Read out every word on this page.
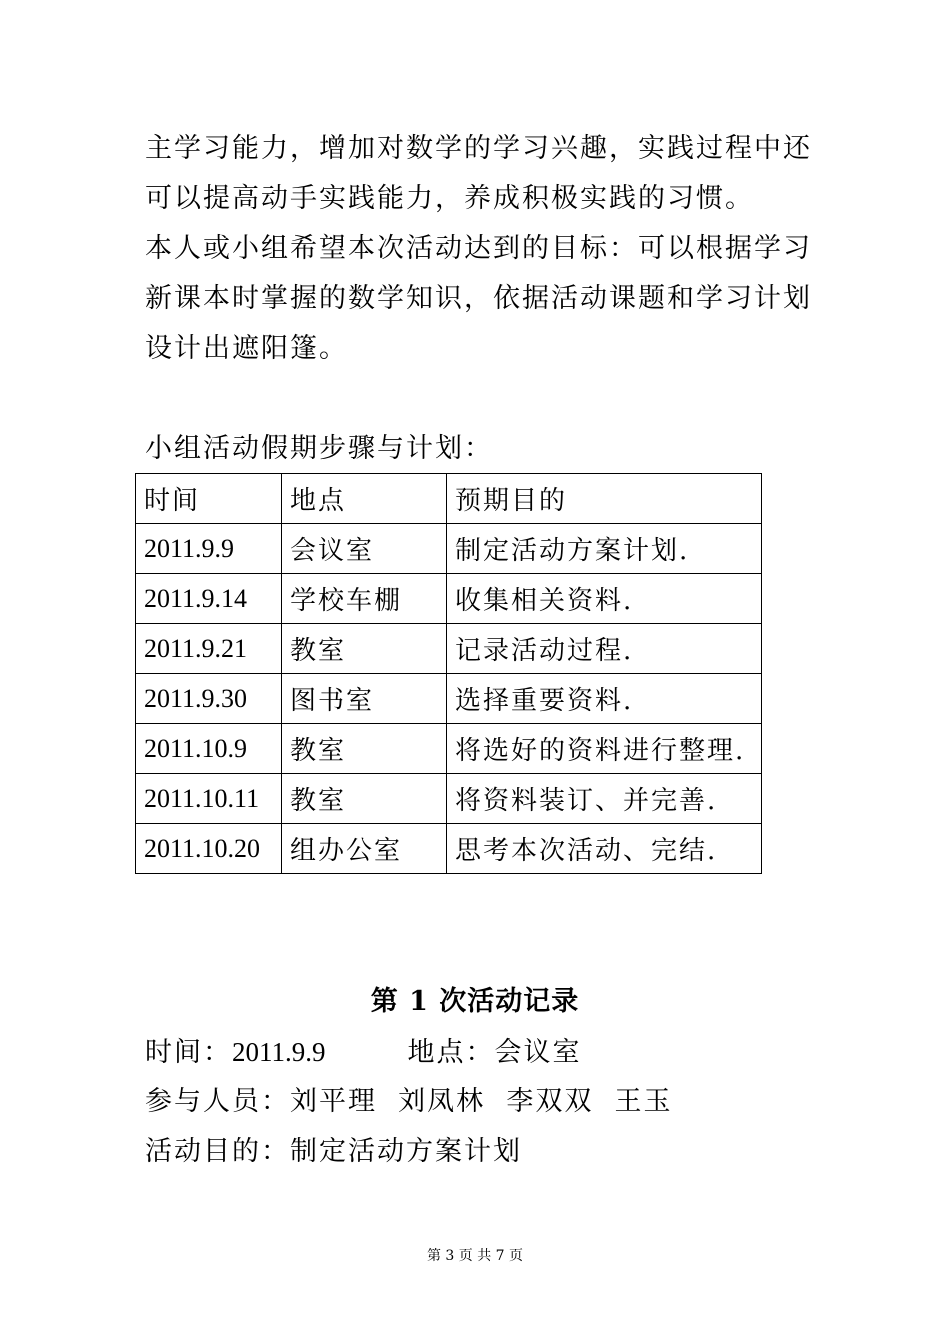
主学习能力，增加对数学的学习兴趣，实践过程中还可以提高动手实践能力，养成积极实践的习惯。

本人或小组希望本次活动达到的目标：可以根据学习新课本时掌握的数学知识，依据活动课题和学习计划设计出遮阳篷。

小组活动假期步骤与计划：

时间	地点	预期目的
2011.9.9	会议室	制定活动方案计划.
2011.9.14	学校车棚	收集相关资料.
2011.9.21	教室	记录活动过程.
2011.9.30	图书室	选择重要资料.
2011.10.9	教室	将选好的资料进行整理.
2011.10.11	教室	将资料装订、并完善.
2011.10.20	组办公室	思考本次活动、完结.
第 1 次活动记录

时间：2011.9.9	地点：会议室

参与人员：刘平理  刘凤林  李双双  王玉

活动目的：制定活动方案计划

第 3 页 共 7 页
